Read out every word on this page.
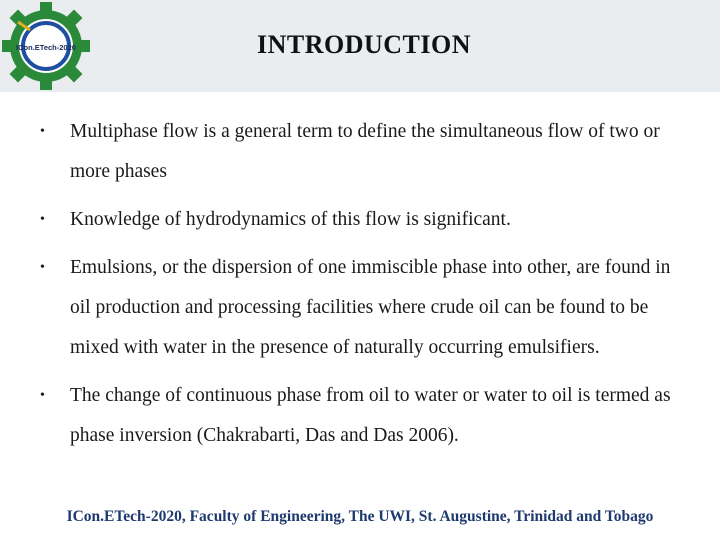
ICon.ETech-2020	INTRODUCTION
• Multiphase flow is a general term to define the simultaneous flow of two or more phases
• Knowledge of hydrodynamics of this flow is significant.
• Emulsions, or the dispersion of one immiscible phase into other, are found in oil production and processing facilities where crude oil can be found to be mixed with water in the presence of naturally occurring emulsifiers.
• The change of continuous phase from oil to water or water to oil is termed as phase inversion (Chakrabarti, Das and Das 2006).
ICon.ETech-2020, Faculty of Engineering, The UWI, St. Augustine, Trinidad and Tobago
